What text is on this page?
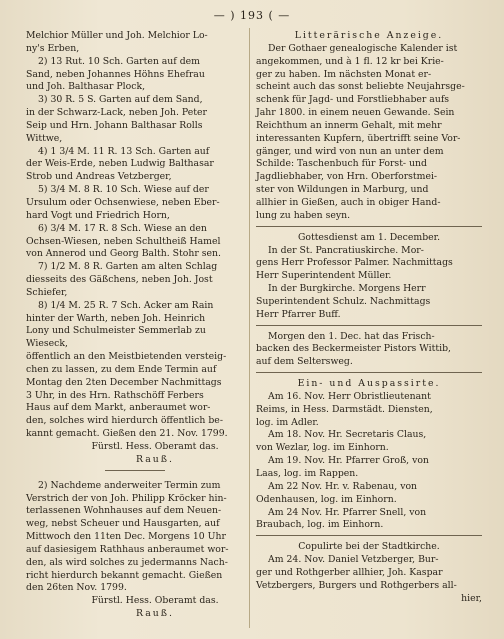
— ) 193 ( —

Melchior Müller und Joh. Melchior Lo-

ny's Erben,

2) 13 Rut. 10 Sch. Garten auf dem

Sand, neben Johannes Höhns Ehefrau

und Joh. Balthasar Plock,

3) 30 R. 5 S. Garten auf dem Sand,

in der Schwarz-Lack, neben Joh. Peter

Seip und Hrn. Johann Balthasar Rolls

Wittwe,

4) 1 3/4 M. 11 R. 13 Sch. Garten auf

der Weis-Erde, neben Ludwig Balthasar

Strob und Andreas Vetzberger,

5) 3/4 M. 8 R. 10 Sch. Wiese auf der

Ursulum oder Ochsenwiese, neben Eber-

hard Vogt und Friedrich Horn,

6) 3/4 M. 17 R. 8 Sch. Wiese an den

Ochsen-Wiesen, neben Schultheiß Hamel

von Annerod und Georg Balth. Stohr sen.

7) 1/2 M. 8 R. Garten am alten Schlag

diesseits des Gäßchens, neben Joh. Jost

Schiefer,

8) 1/4 M. 25 R. 7 Sch. Acker am Rain

hinter der Warth, neben Joh. Heinrich

Lony und Schulmeister Semmerlab zu

Wieseck,

öffentlich an den Meistbietenden versteig-

chen zu lassen, zu dem Ende Termin auf

Montag den 2ten December Nachmittags

3 Uhr, in des Hrn. Rathschöff Ferbers

Haus auf dem Markt, anberaumet wor-

den, solches wird hierdurch öffentlich be-

kannt gemacht. Gießen den 21. Nov. 1799.

Fürstl. Hess. Oberamt das.

Rauß.

2) Nachdeme anderweiter Termin zum

Verstrich der von Joh. Philipp Kröcker hin-

terlassenen Wohnhauses auf dem Neuen-

weg, nebst Scheuer und Hausgarten, auf

Mittwoch den 11ten Dec. Morgens 10 Uhr

auf dasiesigem Rathhaus anberaumet wor-

den, als wird solches zu jedermanns Nach-

richt hierdurch bekannt gemacht. Gießen

den 26ten Nov. 1799.

Fürstl. Hess. Oberamt das.

Rauß.

Litterärische Anzeige.

Der Gothaer genealogische Kalender ist

angekommen, und à 1 fl. 12 kr bei Krie-

ger zu haben. Im nächsten Monat er-

scheint auch das sonst beliebte Neujahrsge-

schenk für Jagd- und Forstliebhaber aufs

Jahr 1800. in einem neuen Gewande. Sein

Reichthum an innerm Gehalt, mit mehr

interessanten Kupfern, übertrifft seine Vor-

gänger, und wird von nun an unter dem

Schilde: Taschenbuch für Forst- und

Jagdliebhaber, von Hrn. Oberforstmei-

ster von Wildungen in Marburg, und

allhier in Gießen, auch in obiger Hand-

lung zu haben seyn.

Gottesdienst am 1. December.

In der St. Pancratiuskirche. Mor-

gens Herr Professor Palmer. Nachmittags

Herr Superintendent Müller.

In der Burgkirche. Morgens Herr

Superintendent Schulz. Nachmittags

Herr Pfarrer Buff.

Morgen den 1. Dec. hat das Frisch-

backen des Beckermeister Pistors Wittib,

auf dem Seltersweg.

Ein- und Auspassirte.

Am 16. Nov. Herr Obristlieutenant

Reims, in Hess. Darmstädt. Diensten,

log. im Adler.

Am 18. Nov. Hr. Secretaris Claus,

von Wezlar, log. im Einhorn.

Am 19. Nov. Hr. Pfarrer Groß, von

Laas, log. im Rappen.

Am 22 Nov. Hr. v. Rabenau, von

Odenhausen, log. im Einhorn.

Am 24 Nov. Hr. Pfarrer Snell, von

Braubach, log. im Einhorn.

Copulirte bei der Stadtkirche.

Am 24. Nov. Daniel Vetzberger, Bur-

ger und Rothgerber allhier, Joh. Kaspar

Vetzbergers, Burgers und Rothgerbers all-

hier,
